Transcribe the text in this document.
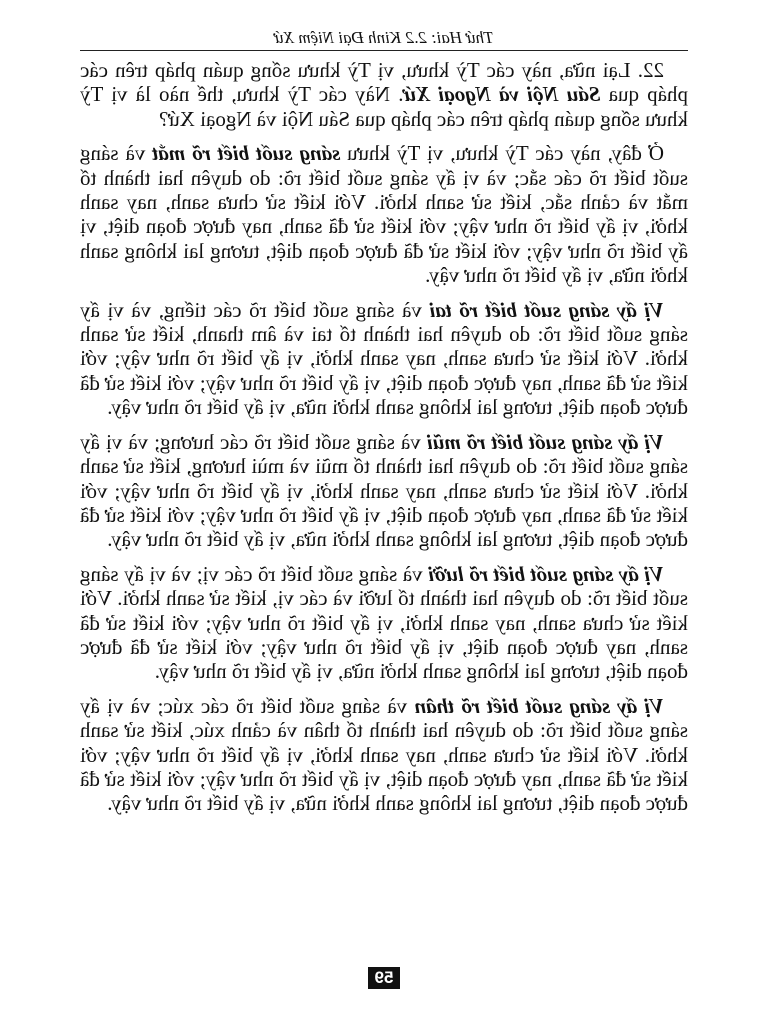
Thứ Hai: 2.2 Kinh Đại Niệm Xứ

22. Lại nữa, này các Tỳ khưu, vị Tỳ khưu sống quán pháp trên các pháp qua Sáu Nội và Ngoại Xứ. Này các Tỳ khưu, thế nào là vị Tỳ khưu sống quán pháp trên các pháp qua Sáu Nội và Ngoại Xứ?

Ở đây, này các Tỳ khưu, vị Tỳ khưu sáng suốt biết rõ mắt và sáng suốt biết rõ các sắc; và vị ấy sáng suốt biết rõ: do duyên hai thành tố mắt và cảnh sắc, kiết sử sanh khởi. Với kiết sử chưa sanh, nay sanh khởi, vị ấy biết rõ như vậy; với kiết sử đã sanh, nay được đoạn diệt, vị ấy biết rõ như vậy; với kiết sử đã được đoạn diệt, tương lai không sanh khởi nữa, vị ấy biết rõ như vậy.

Vị ấy sáng suốt biết rõ tai và sáng suốt biết rõ các tiếng, và vị ấy sáng suốt biết rõ: do duyên hai thành tố tai và âm thanh, kiết sử sanh khởi. Với kiết sử chưa sanh, nay sanh khởi, vị ấy biết rõ như vậy; với kiết sử đã sanh, nay được đoạn diệt, vị ấy biết rõ như vậy; với kiết sử đã được đoạn diệt, tương lai không sanh khởi nữa, vị ấy biết rõ như vậy.

Vị ấy sáng suốt biết rõ mũi và sáng suốt biết rõ các hương; và vị ấy sáng suốt biết rõ: do duyên hai thành tố mũi và mùi hương, kiết sử sanh khởi. Với kiết sử chưa sanh, nay sanh khởi, vị ấy biết rõ như vậy; với kiết sử đã sanh, nay được đoạn diệt, vị ấy biết rõ như vậy; với kiết sử đã được đoạn diệt, tương lai không sanh khởi nữa, vị ấy biết rõ như vậy.

Vị ấy sáng suốt biết rõ lưỡi và sáng suốt biết rõ các vị; và vị ấy sáng suốt biết rõ: do duyên hai thành tố lưỡi và các vị, kiết sử sanh khởi. Với kiết sử chưa sanh, nay sanh khởi, vị ấy biết rõ như vậy; với kiết sử đã sanh, nay được đoạn diệt, vị ấy biết rõ như vậy; với kiết sử đã được đoạn diệt, tương lai không sanh khởi nữa, vị ấy biết rõ như vậy.

Vị ấy sáng suốt biết rõ thân và sáng suốt biết rõ các xúc; và vị ấy sáng suốt biết rõ: do duyên hai thành tố thân và cảnh xúc, kiết sử sanh khởi. Với kiết sử chưa sanh, nay sanh khởi, vị ấy biết rõ như vậy; với kiết sử đã sanh, nay được đoạn diệt, vị ấy biết rõ như vậy; với kiết sử đã được đoạn diệt, tương lai không sanh khởi nữa, vị ấy biết rõ như vậy.

59
